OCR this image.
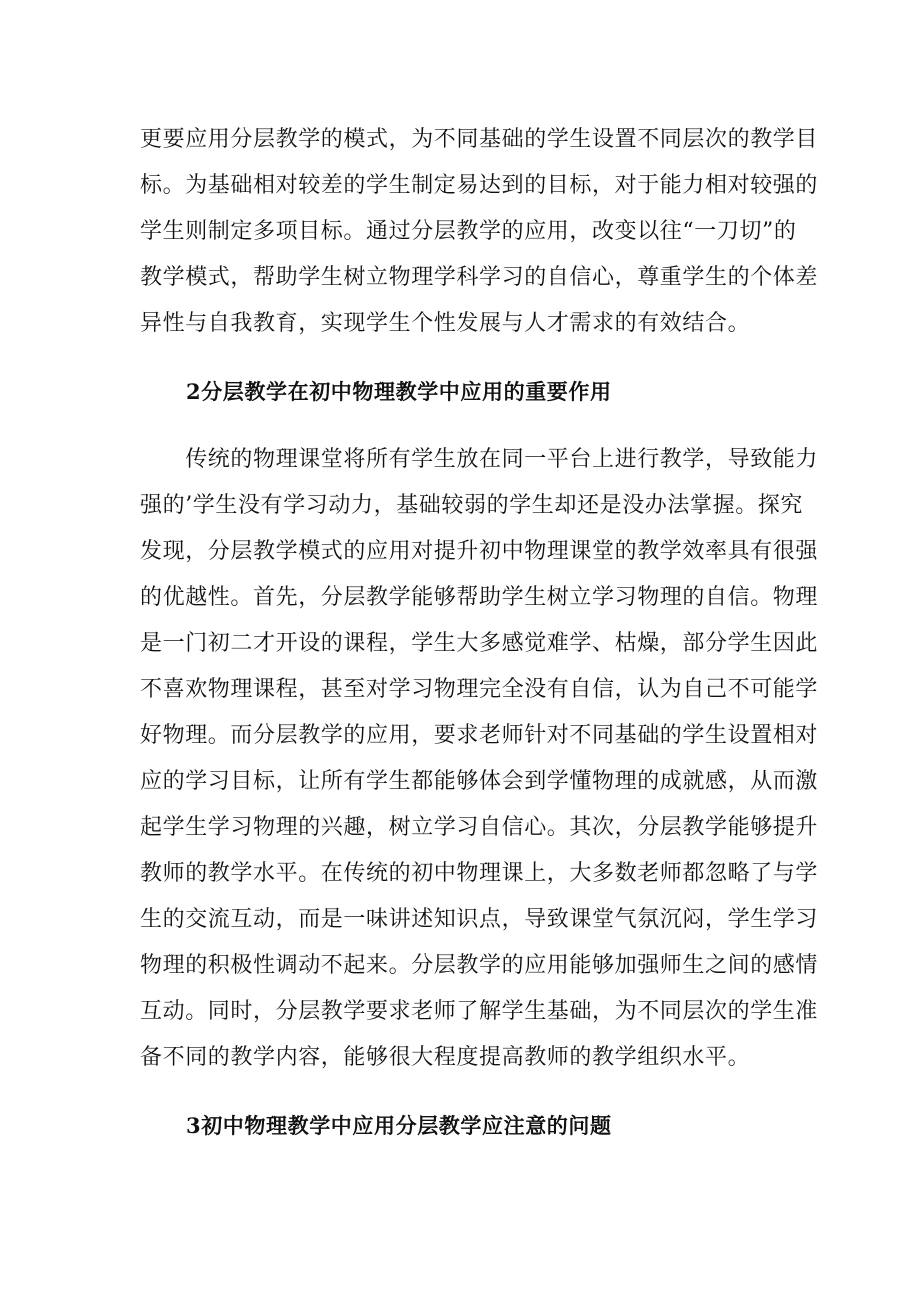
更要应用分层教学的模式，为不同基础的学生设置不同层次的教学目
标。为基础相对较差的学生制定易达到的目标，对于能力相对较强的
学生则制定多项目标。通过分层教学的应用，改变以往“一刀切”的
教学模式，帮助学生树立物理学科学习的自信心，尊重学生的个体差
异性与自我教育，实现学生个性发展与人才需求的有效结合。

2分层教学在初中物理教学中应用的重要作用

　　传统的物理课堂将所有学生放在同一平台上进行教学，导致能力
强的’学生没有学习动力，基础较弱的学生却还是没办法掌握。探究
发现，分层教学模式的应用对提升初中物理课堂的教学效率具有很强
的优越性。首先，分层教学能够帮助学生树立学习物理的自信。物理
是一门初二才开设的课程，学生大多感觉难学、枯燥，部分学生因此
不喜欢物理课程，甚至对学习物理完全没有自信，认为自己不可能学
好物理。而分层教学的应用，要求老师针对不同基础的学生设置相对
应的学习目标，让所有学生都能够体会到学懂物理的成就感，从而激
起学生学习物理的兴趣，树立学习自信心。其次，分层教学能够提升
教师的教学水平。在传统的初中物理课上，大多数老师都忽略了与学
生的交流互动，而是一味讲述知识点，导致课堂气氛沉闷，学生学习
物理的积极性调动不起来。分层教学的应用能够加强师生之间的感情
互动。同时，分层教学要求老师了解学生基础，为不同层次的学生准
备不同的教学内容，能够很大程度提高教师的教学组织水平。

3初中物理教学中应用分层教学应注意的问题
